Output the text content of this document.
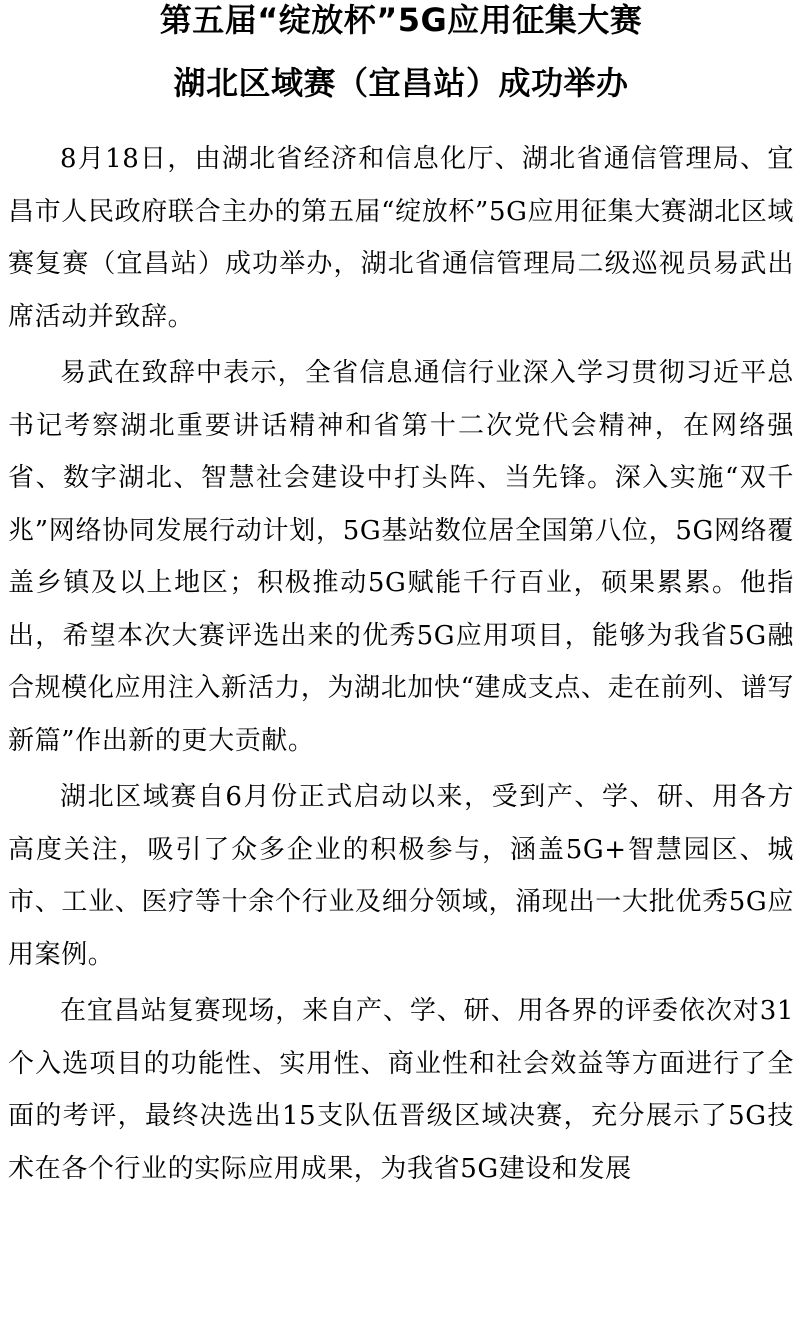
第五届“绽放杯”5G应用征集大赛
湖北区域赛（宜昌站）成功举办

8月18日，由湖北省经济和信息化厅、湖北省通信管理局、宜昌市人民政府联合主办的第五届“绽放杯”5G应用征集大赛湖北区域赛复赛（宜昌站）成功举办，湖北省通信管理局二级巡视员易武出席活动并致辞。

易武在致辞中表示，全省信息通信行业深入学习贯彻习近平总书记考察湖北重要讲话精神和省第十二次党代会精神，在网络强省、数字湖北、智慧社会建设中打头阵、当先锋。深入实施“双千兆”网络协同发展行动计划，5G基站数位居全国第八位，5G网络覆盖乡镇及以上地区；积极推动5G赋能千行百业，硕果累累。他指出，希望本次大赛评选出来的优秀5G应用项目，能够为我省5G融合规模化应用注入新活力，为湖北加快“建成支点、走在前列、谱写新篇”作出新的更大贡献。

湖北区域赛自6月份正式启动以来，受到产、学、研、用各方高度关注，吸引了众多企业的积极参与，涵盖5G+智慧园区、城市、工业、医疗等十余个行业及细分领域，涌现出一大批优秀5G应用案例。

在宜昌站复赛现场，来自产、学、研、用各界的评委依次对31个入选项目的功能性、实用性、商业性和社会效益等方面进行了全面的考评，最终决选出15支队伍晋级区域决赛，充分展示了5G技术在各个行业的实际应用成果，为我省5G建设和发展
